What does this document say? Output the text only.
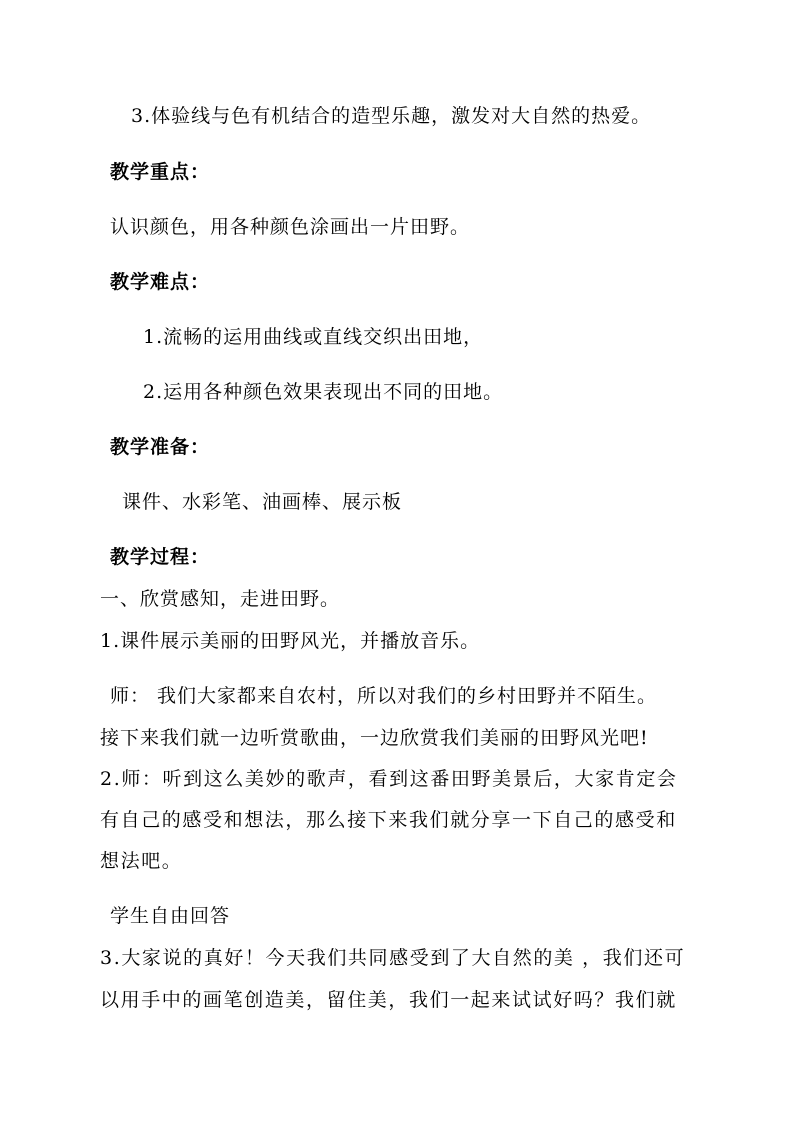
3.体验线与色有机结合的造型乐趣，激发对大自然的热爱。
教学重点：
认识颜色，用各种颜色涂画出一片田野。
教学难点：
1.流畅的运用曲线或直线交织出田地，
2.运用各种颜色效果表现出不同的田地。
教学准备：
课件、水彩笔、油画棒、展示板
教学过程：
一、欣赏感知，走进田野。
1.课件展示美丽的田野风光，并播放音乐。
师： 我们大家都来自农村，所以对我们的乡村田野并不陌生。
接下来我们就一边听赏歌曲，一边欣赏我们美丽的田野风光吧!
2.师：听到这么美妙的歌声，看到这番田野美景后，大家肯定会
有自己的感受和想法，那么接下来我们就分享一下自己的感受和
想法吧。
学生自由回答
3.大家说的真好！今天我们共同感受到了大自然的美 ，我们还可
以用手中的画笔创造美，留住美，我们一起来试试好吗？我们就
